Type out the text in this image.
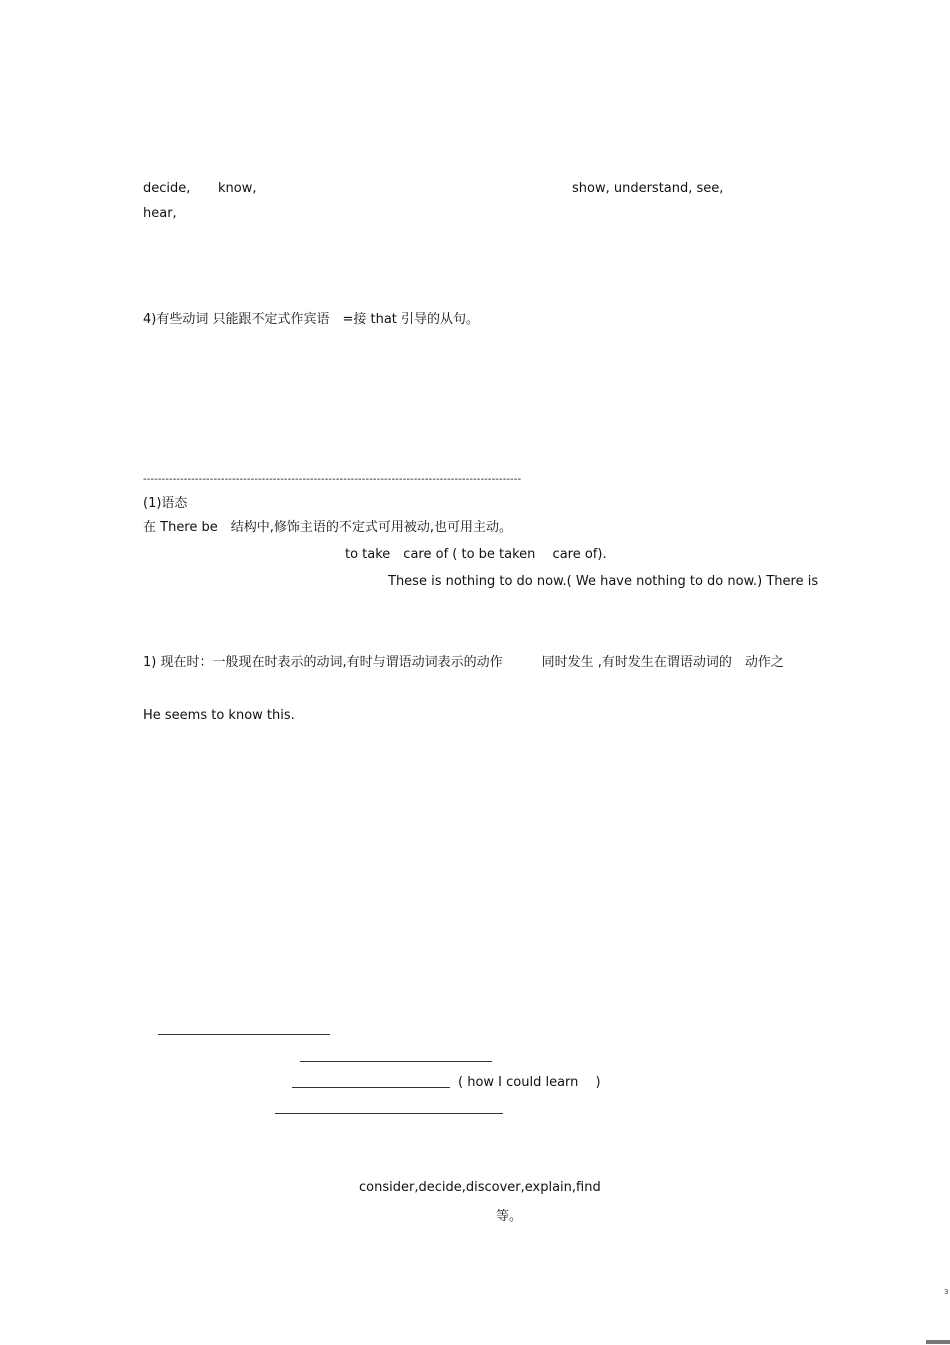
decide, know,	show, understand, see,
hear,
4)有些动词 只能跟不定式作宾语　=接 that 引导的从句。
------------------------------------------------------------------------------------------------------
(1)语态
在 There be　结构中,修饰主语的不定式可用被动,也可用主动。
to take　care of ( to be taken　 care of).
These is nothing to do now.( We have nothing to do now.) There is
1) 现在时：一般现在时表示的动词,有时与谓语动词表示的动作　　　同时发生 ,有时发生在谓语动词的　动作之
He seems to know this.
( how I could learn　 )
consider,decide,discover,explain,find
等。
3
